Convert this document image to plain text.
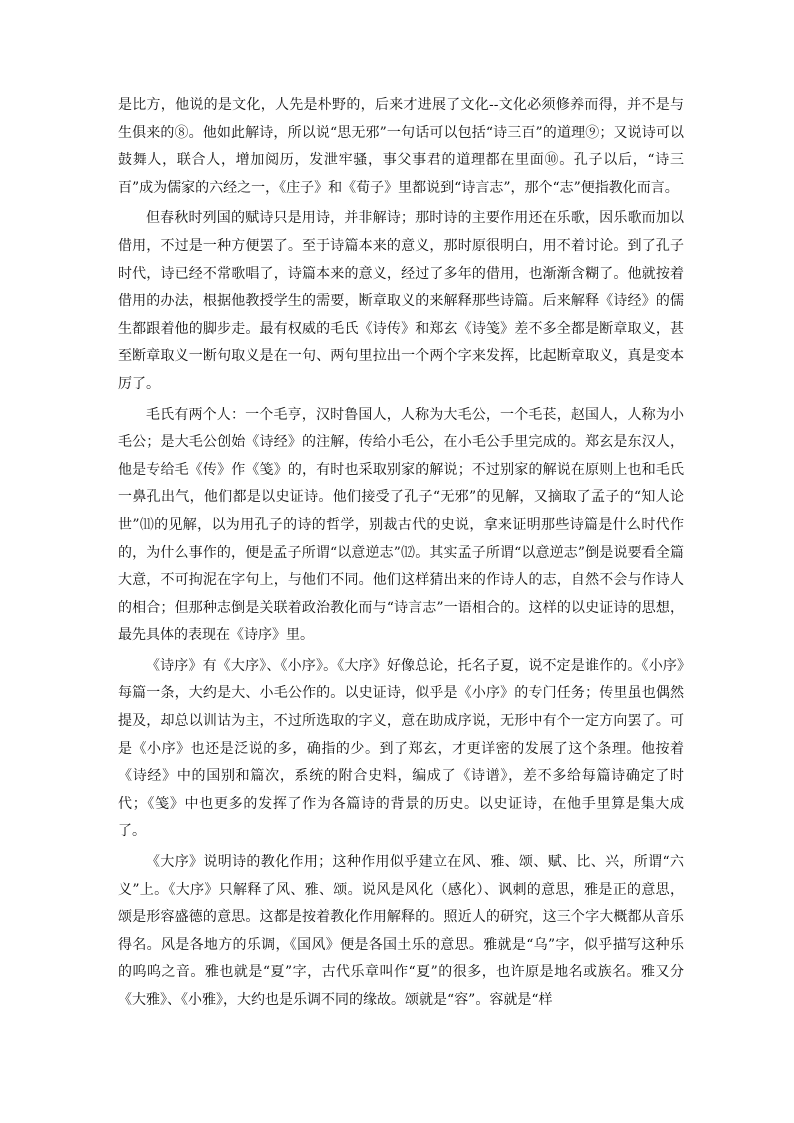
是比方，他说的是文化，人先是朴野的，后来才进展了文化--文化必须修养而得，并不是与生俱来的⑧。他如此解诗，所以说“思无邪”一句话可以包括“诗三百”的道理⑨；又说诗可以鼓舞人，联合人，增加阅历，发泄牢骚，事父事君的道理都在里面⑩。孔子以后，“诗三百”成为儒家的六经之一，《庄子》和《荀子》里都说到“诗言志”，那个“志”便指教化而言。

但春秋时列国的赋诗只是用诗，并非解诗；那时诗的主要作用还在乐歌，因乐歌而加以借用，不过是一种方便罢了。至于诗篇本来的意义，那时原很明白，用不着讨论。到了孔子时代，诗已经不常歌唱了，诗篇本来的意义，经过了多年的借用，也渐渐含糊了。他就按着借用的办法，根据他教授学生的需要，断章取义的来解释那些诗篇。后来解释《诗经》的儒生都跟着他的脚步走。最有权威的毛氏《诗传》和郑玄《诗笺》差不多全都是断章取义，甚至断章取义一断句取义是在一句、两句里拉出一个两个字来发挥，比起断章取义，真是变本厉了。

毛氏有两个人：一个毛亨，汉时鲁国人，人称为大毛公，一个毛苌，赵国人，人称为小毛公；是大毛公创始《诗经》的注解，传给小毛公，在小毛公手里完成的。郑玄是东汉人，他是专给毛《传》作《笺》的，有时也采取别家的解说；不过别家的解说在原则上也和毛氏一鼻孔出气，他们都是以史证诗。他们接受了孔子“无邪”的见解，又摘取了孟子的“知人论世”⑾的见解，以为用孔子的诗的哲学，别裁古代的史说，拿来证明那些诗篇是什么时代作的，为什么事作的，便是孟子所谓“以意逆志”⑿。其实孟子所谓“以意逆志”倒是说要看全篇大意，不可拘泥在字句上，与他们不同。他们这样猜出来的作诗人的志，自然不会与作诗人的相合；但那种志倒是关联着政治教化而与“诗言志”一语相合的。这样的以史证诗的思想，最先具体的表现在《诗序》里。

《诗序》有《大序》、《小序》。《大序》好像总论，托名子夏，说不定是谁作的。《小序》每篇一条，大约是大、小毛公作的。以史证诗，似乎是《小序》的专门任务；传里虽也偶然提及，却总以训诂为主，不过所选取的字义，意在助成序说，无形中有个一定方向罢了。可是《小序》也还是泛说的多，确指的少。到了郑玄，才更详密的发展了这个条理。他按着《诗经》中的国别和篇次，系统的附合史料，编成了《诗谱》，差不多给每篇诗确定了时代；《笺》中也更多的发挥了作为各篇诗的背景的历史。以史证诗，在他手里算是集大成了。

《大序》说明诗的教化作用；这种作用似乎建立在风、雅、颂、赋、比、兴，所谓“六义”上。《大序》只解释了风、雅、颂。说风是风化（感化）、讽刺的意思，雅是正的意思，颂是形容盛德的意思。这都是按着教化作用解释的。照近人的研究，这三个字大概都从音乐得名。风是各地方的乐调，《国风》便是各国土乐的意思。雅就是“乌”字，似乎描写这种乐的呜呜之音。雅也就是“夏”字，古代乐章叫作“夏”的很多，也许原是地名或族名。雅又分《大雅》、《小雅》，大约也是乐调不同的缘故。颂就是“容”。容就是“样
